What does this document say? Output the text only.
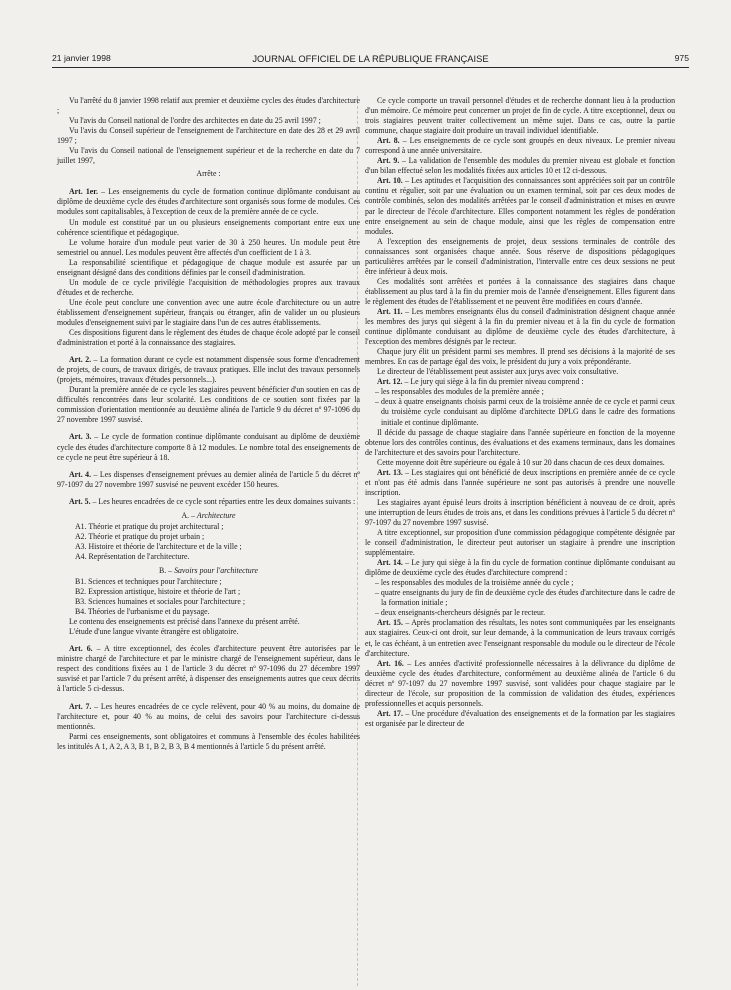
21 janvier 1998	JOURNAL OFFICIEL DE LA RÉPUBLIQUE FRANÇAISE	975

Vu l'arrêté du 8 janvier 1998 relatif aux premier et deuxième cycles des études d'architecture ;

Vu l'avis du Conseil national de l'ordre des architectes en date du 25 avril 1997 ;

Vu l'avis du Conseil supérieur de l'enseignement de l'architecture en date des 28 et 29 avril 1997 ;

Vu l'avis du Conseil national de l'enseignement supérieur et de la recherche en date du 7 juillet 1997,

Arrête :

Art. 1er. – Les enseignements du cycle de formation continue diplômante conduisant au diplôme de deuxième cycle des études d'architecture sont organisés sous forme de modules. Ces modules sont capitalisables, à l'exception de ceux de la première année de ce cycle.

Un module est constitué par un ou plusieurs enseignements comportant entre eux une cohérence scientifique et pédagogique.

Le volume horaire d'un module peut varier de 30 à 250 heures. Un module peut être semestriel ou annuel. Les modules peuvent être affectés d'un coefficient de 1 à 3.

La responsabilité scientifique et pédagogique de chaque module est assurée par un enseignant désigné dans des conditions définies par le conseil d'administration.

Un module de ce cycle privilégie l'acquisition de méthodologies propres aux travaux d'études et de recherche.

Une école peut conclure une convention avec une autre école d'architecture ou un autre établissement d'enseignement supérieur, français ou étranger, afin de valider un ou plusieurs modules d'enseignement suivi par le stagiaire dans l'un de ces autres établissements.

Ces dispositions figurent dans le règlement des études de chaque école adopté par le conseil d'administration et porté à la connaissance des stagiaires.

Art. 2. – La formation durant ce cycle est notamment dispensée sous forme d'encadrement de projets, de cours, de travaux dirigés, de travaux pratiques. Elle inclut des travaux personnels (projets, mémoires, travaux d'études personnels...).

Durant la première année de ce cycle les stagiaires peuvent bénéficier d'un soutien en cas de difficultés rencontrées dans leur scolarité. Les conditions de ce soutien sont fixées par la commission d'orientation mentionnée au deuxième alinéa de l'article 9 du décret nº 97-1096 du 27 novembre 1997 susvisé.

Art. 3. – Le cycle de formation continue diplômante conduisant au diplôme de deuxième cycle des études d'architecture comporte 8 à 12 modules. Le nombre total des enseignements de ce cycle ne peut être supérieur à 18.

Art. 4. – Les dispenses d'enseignement prévues au dernier alinéa de l'article 5 du décret nº 97-1097 du 27 novembre 1997 susvisé ne peuvent excéder 150 heures.

Art. 5. – Les heures encadrées de ce cycle sont réparties entre les deux domaines suivants :

A. – Architecture

A1. Théorie et pratique du projet architectural ;

A2. Théorie et pratique du projet urbain ;

A3. Histoire et théorie de l'architecture et de la ville ;

A4. Représentation de l'architecture.

B. – Savoirs pour l'architecture

B1. Sciences et techniques pour l'architecture ;

B2. Expression artistique, histoire et théorie de l'art ;

B3. Sciences humaines et sociales pour l'architecture ;

B4. Théories de l'urbanisme et du paysage.

Le contenu des enseignements est précisé dans l'annexe du présent arrêté.

L'étude d'une langue vivante étrangère est obligatoire.

Art. 6. – A titre exceptionnel, des écoles d'architecture peuvent être autorisées par le ministre chargé de l'architecture et par le ministre chargé de l'enseignement supérieur, dans le respect des conditions fixées au 1 de l'article 3 du décret nº 97-1096 du 27 décembre 1997 susvisé et par l'article 7 du présent arrêté, à dispenser des enseignements autres que ceux décrits à l'article 5 ci-dessus.

Art. 7. – Les heures encadrées de ce cycle relèvent, pour 40 % au moins, du domaine de l'architecture et, pour 40 % au moins, de celui des savoirs pour l'architecture ci-dessus mentionnés.

Parmi ces enseignements, sont obligatoires et communs à l'ensemble des écoles habilitées les intitulés A 1, A 2, A 3, B 1, B 2, B 3, B 4 mentionnés à l'article 5 du présent arrêté.

Ce cycle comporte un travail personnel d'études et de recherche donnant lieu à la production d'un mémoire. Ce mémoire peut concerner un projet de fin de cycle. A titre exceptionnel, deux ou trois stagiaires peuvent traiter collectivement un même sujet. Dans ce cas, outre la partie commune, chaque stagiaire doit produire un travail individuel identifiable.

Art. 8. – Les enseignements de ce cycle sont groupés en deux niveaux. Le premier niveau correspond à une année universitaire.

Art. 9. – La validation de l'ensemble des modules du premier niveau est globale et fonction d'un bilan effectué selon les modalités fixées aux articles 10 et 12 ci-dessous.

Art. 10. – Les aptitudes et l'acquisition des connaissances sont appréciées soit par un contrôle continu et régulier, soit par une évaluation ou un examen terminal, soit par ces deux modes de contrôle combinés, selon des modalités arrêtées par le conseil d'administration et mises en œuvre par le directeur de l'école d'architecture. Elles comportent notamment les règles de pondération entre enseignement au sein de chaque module, ainsi que les règles de compensation entre modules.

A l'exception des enseignements de projet, deux sessions terminales de contrôle des connaissances sont organisées chaque année. Sous réserve de dispositions pédagogiques particulières arrêtées par le conseil d'administration, l'intervalle entre ces deux sessions ne peut être inférieur à deux mois.

Ces modalités sont arrêtées et portées à la connaissance des stagiaires dans chaque établissement au plus tard à la fin du premier mois de l'année d'enseignement. Elles figurent dans le règlement des études de l'établissement et ne peuvent être modifiées en cours d'année.

Art. 11. – Les membres enseignants élus du conseil d'administration désignent chaque année les membres des jurys qui siègent à la fin du premier niveau et à la fin du cycle de formation continue diplômante conduisant au diplôme de deuxième cycle des études d'architecture, à l'exception des membres désignés par le recteur.

Chaque jury élit un président parmi ses membres. Il prend ses décisions à la majorité de ses membres. En cas de partage égal des voix, le président du jury a voix prépondérante.

Le directeur de l'établissement peut assister aux jurys avec voix consultative.

Art. 12. – Le jury qui siège à la fin du premier niveau comprend :

– les responsables des modules de la première année ;

– deux à quatre enseignants choisis parmi ceux de la troisième année de ce cycle et parmi ceux du troisième cycle conduisant au diplôme d'architecte DPLG dans le cadre des formations initiale et continue diplômante.

Il décide du passage de chaque stagiaire dans l'année supérieure en fonction de la moyenne obtenue lors des contrôles continus, des évaluations et des examens terminaux, dans les domaines de l'architecture et des savoirs pour l'architecture.

Cette moyenne doit être supérieure ou égale à 10 sur 20 dans chacun de ces deux domaines.

Art. 13. – Les stagiaires qui ont bénéficié de deux inscriptions en première année de ce cycle et n'ont pas été admis dans l'année supérieure ne sont pas autorisés à prendre une nouvelle inscription.

Les stagiaires ayant épuisé leurs droits à inscription bénéficient à nouveau de ce droit, après une interruption de leurs études de trois ans, et dans les conditions prévues à l'article 5 du décret nº 97-1097 du 27 novembre 1997 susvisé.

A titre exceptionnel, sur proposition d'une commission pédagogique compétente désignée par le conseil d'administration, le directeur peut autoriser un stagiaire à prendre une inscription supplémentaire.

Art. 14. – Le jury qui siège à la fin du cycle de formation continue diplômante conduisant au diplôme de deuxième cycle des études d'architecture comprend :

– les responsables des modules de la troisième année du cycle ;

– quatre enseignants du jury de fin de deuxième cycle des études d'architecture dans le cadre de la formation initiale ;

– deux enseignants-chercheurs désignés par le recteur.

Art. 15. – Après proclamation des résultats, les notes sont communiquées par les enseignants aux stagiaires. Ceux-ci ont droit, sur leur demande, à la communication de leurs travaux corrigés et, le cas échéant, à un entretien avec l'enseignant responsable du module ou le directeur de l'école d'architecture.

Art. 16. – Les années d'activité professionnelle nécessaires à la délivrance du diplôme de deuxième cycle des études d'architecture, conformément au deuxième alinéa de l'article 6 du décret nº 97-1097 du 27 novembre 1997 susvisé, sont validées pour chaque stagiaire par le directeur de l'école, sur proposition de la commission de validation des études, expériences professionnelles et acquis personnels.

Art. 17. – Une procédure d'évaluation des enseignements et de la formation par les stagiaires est organisée par le directeur de
